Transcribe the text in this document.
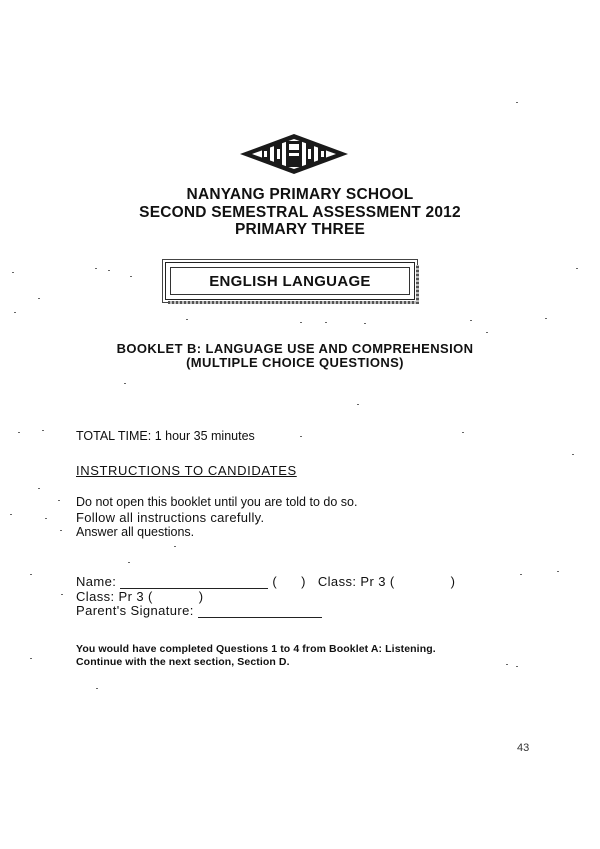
NANYANG PRIMARY SCHOOL
SECOND SEMESTRAL ASSESSMENT 2012
PRIMARY THREE
ENGLISH LANGUAGE
BOOKLET B: LANGUAGE USE AND COMPREHENSION
(MULTIPLE CHOICE QUESTIONS)
TOTAL TIME: 1 hour 35 minutes
INSTRUCTIONS TO CANDIDATES
Do not open this booklet until you are told to do so.
Follow all instructions carefully.
Answer all questions.
Name:	( ) Class: Pr 3 (	)
Class: Pr 3 (	)
Parent's Signature:
You would have completed Questions 1 to 4 from Booklet A: Listening.
Continue with the next section, Section D.
43
